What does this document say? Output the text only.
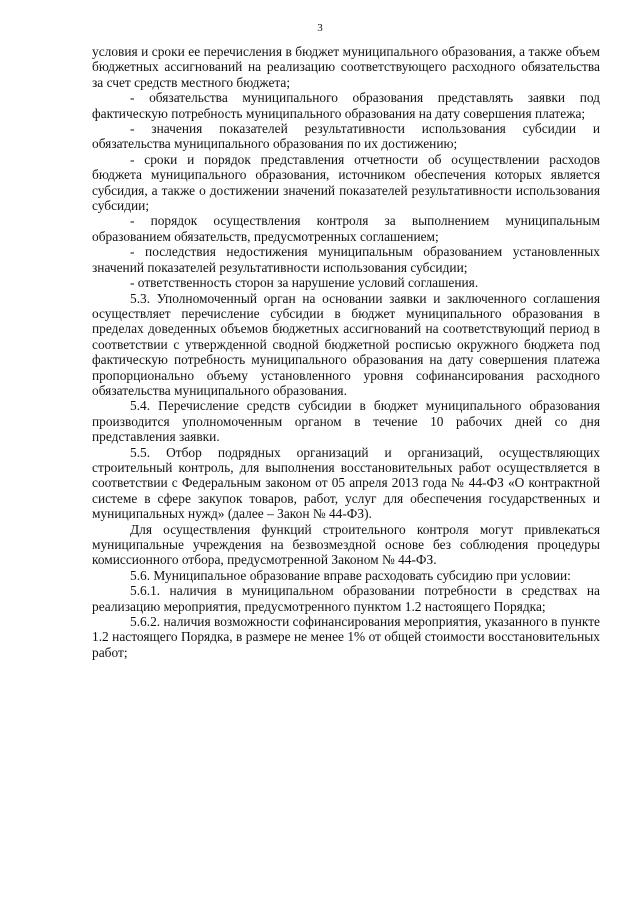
3

условия и сроки ее перечисления в бюджет муниципального образования, а также объем бюджетных ассигнований на реализацию соответствующего расходного обязательства за счет средств местного бюджета;

- обязательства муниципального образования представлять заявки под фактическую потребность муниципального образования на дату совершения платежа;

- значения показателей результативности использования субсидии и обязательства муниципального образования по их достижению;

- сроки и порядок представления отчетности об осуществлении расходов бюджета муниципального образования, источником обеспечения которых является субсидия, а также о достижении значений показателей результативности использования субсидии;

- порядок осуществления контроля за выполнением муниципальным образованием обязательств, предусмотренных соглашением;

- последствия недостижения муниципальным образованием установленных значений показателей результативности использования субсидии;

- ответственность сторон за нарушение условий соглашения.

5.3. Уполномоченный орган на основании заявки и заключенного соглашения осуществляет перечисление субсидии в бюджет муниципального образования в пределах доведенных объемов бюджетных ассигнований на соответствующий период в соответствии с утвержденной сводной бюджетной росписью окружного бюджета под фактическую потребность муниципального образования на дату совершения платежа пропорционально объему установленного уровня софинансирования расходного обязательства муниципального образования.

5.4. Перечисление средств субсидии в бюджет муниципального образования производится уполномоченным органом в течение 10 рабочих дней со дня представления заявки.

5.5. Отбор подрядных организаций и организаций, осуществляющих строительный контроль, для выполнения восстановительных работ осуществляется в соответствии с Федеральным законом от 05 апреля 2013 года № 44-ФЗ «О контрактной системе в сфере закупок товаров, работ, услуг для обеспечения государственных и муниципальных нужд» (далее – Закон № 44-ФЗ).

Для осуществления функций строительного контроля могут привлекаться муниципальные учреждения на безвозмездной основе без соблюдения процедуры комиссионного отбора, предусмотренной Законом № 44-ФЗ.

5.6. Муниципальное образование вправе расходовать субсидию при условии:

5.6.1. наличия в муниципальном образовании потребности в средствах на реализацию мероприятия, предусмотренного пунктом 1.2 настоящего Порядка;

5.6.2. наличия возможности софинансирования мероприятия, указанного в пункте 1.2 настоящего Порядка, в размере не менее 1% от общей стоимости восстановительных работ;
